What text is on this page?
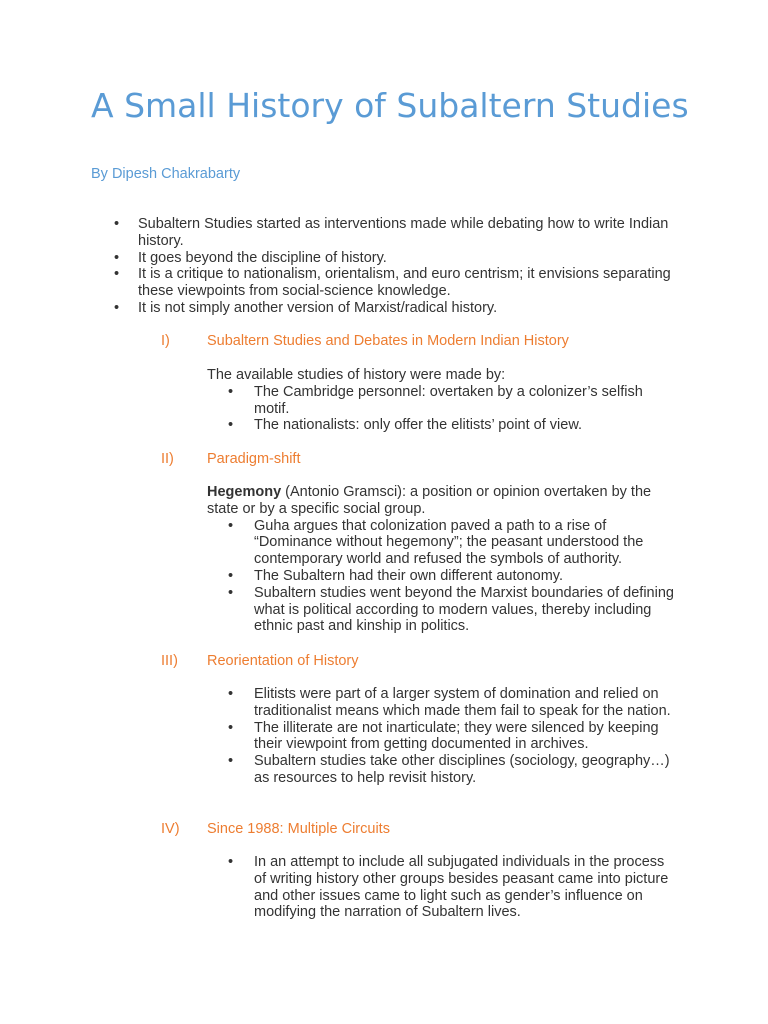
A Small History of Subaltern Studies
By Dipesh Chakrabarty
• Subaltern Studies started as interventions made while debating how to write Indian history.
• It goes beyond the discipline of history.
• It is a critique to nationalism, orientalism, and euro centrism; it envisions separating these viewpoints from social-science knowledge.
• It is not simply another version of Marxist/radical history.
I)	Subaltern Studies and Debates in Modern Indian History
The available studies of history were made by:
• The Cambridge personnel: overtaken by a colonizer’s selfish motif.
• The nationalists: only offer the elitists’ point of view.
II) Paradigm-shift
Hegemony (Antonio Gramsci): a position or opinion overtaken by the state or by a specific social group.
• Guha argues that colonization paved a path to a rise of “Dominance without hegemony”; the peasant understood the contemporary world and refused the symbols of authority.
• The Subaltern had their own different autonomy.
• Subaltern studies went beyond the Marxist boundaries of defining what is political according to modern values, thereby including ethnic past and kinship in politics.
III) Reorientation of History
• Elitists were part of a larger system of domination and relied on traditionalist means which made them fail to speak for the nation.
• The illiterate are not inarticulate; they were silenced by keeping their viewpoint from getting documented in archives.
• Subaltern studies take other disciplines (sociology, geography…) as resources to help revisit history.
IV) Since 1988: Multiple Circuits
• In an attempt to include all subjugated individuals in the process of writing history other groups besides peasant came into picture and other issues came to light such as gender’s influence on modifying the narration of Subaltern lives.
